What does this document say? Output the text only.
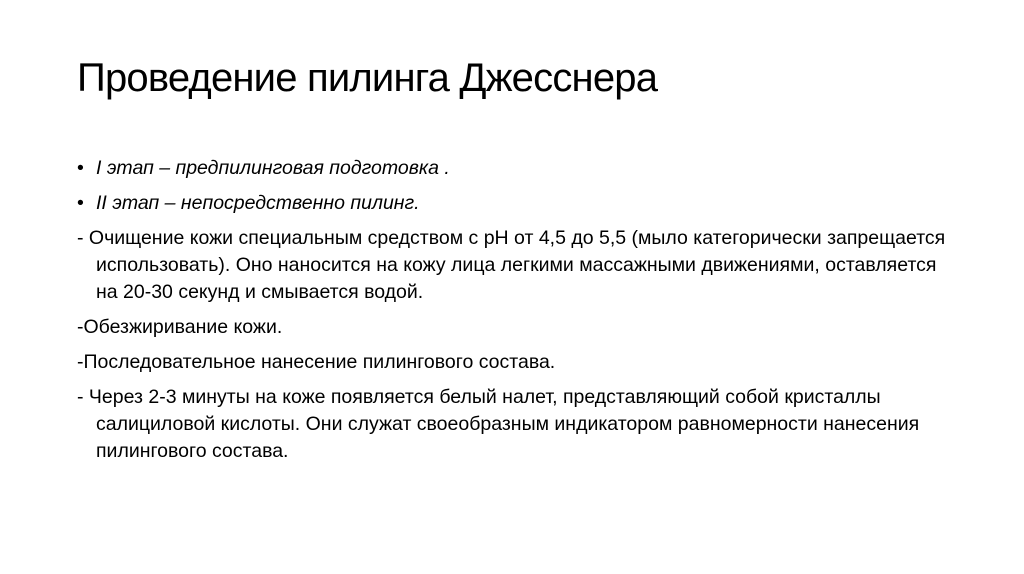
Проведение пилинга Джесснера
• I этап – предпилинговая подготовка .
• II этап – непосредственно пилинг.

- Очищение кожи специальным средством с pH от 4,5 до 5,5 (мыло категорически запрещается использовать). Оно наносится на кожу лица легкими массажными движениями, оставляется на 20-30 секунд и смывается водой.

-Обезжиривание кожи.

-Последовательное нанесение пилингового состава.

- Через 2-3 минуты на коже появляется белый налет, представляющий собой кристаллы салициловой кислоты. Они служат своеобразным индикатором равномерности нанесения пилингового состава.
